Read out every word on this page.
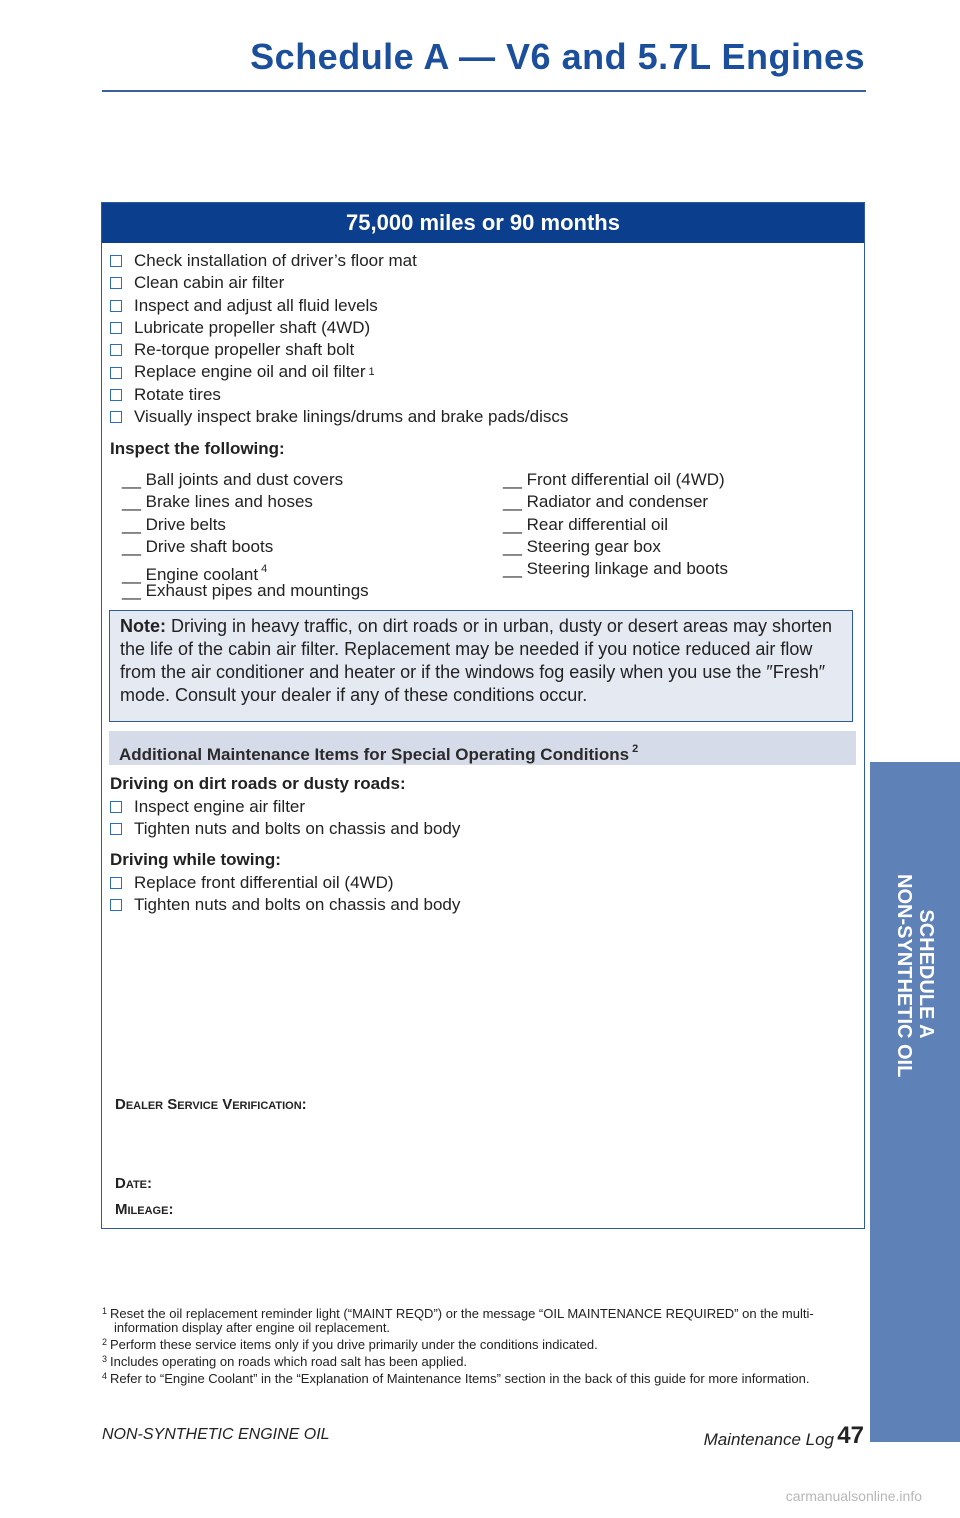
Schedule A — V6 and 5.7L Engines
75,000 miles or 90 months
Check installation of driver’s floor mat
Clean cabin air filter
Inspect and adjust all fluid levels
Lubricate propeller shaft (4WD)
Re-torque propeller shaft bolt
Replace engine oil and oil filter 1
Rotate tires
Visually inspect brake linings/drums and brake pads/discs
Inspect the following:
__ Ball joints and dust covers
__ Brake lines and hoses
__ Drive belts
__ Drive shaft boots
__ Engine coolant $^4$
__ Exhaust pipes and mountings
__ Front differential oil (4WD)
__ Radiator and condenser
__ Rear differential oil
__ Steering gear box
__ Steering linkage and boots
Note: Driving in heavy traffic, on dirt roads or in urban, dusty or desert areas may shorten the life of the cabin air filter. Replacement may be needed if you notice reduced air flow from the air conditioner and heater or if the windows fog easily when you use the ″Fresh″ mode. Consult your dealer if any of these conditions occur.
Additional Maintenance Items for Special Operating Conditions $^2$
Driving on dirt roads or dusty roads:
Inspect engine air filter
Tighten nuts and bolts on chassis and body
Driving while towing:
Replace front differential oil (4WD)
Tighten nuts and bolts on chassis and body
Dealer Service Verification:
Date:
Mileage:

$^1$ Reset the oil replacement reminder light (“MAINT REQD”) or the message “OIL MAINTENANCE REQUIRED” on the multi-information display after engine oil replacement.

$^2$ Perform these service items only if you drive primarily under the conditions indicated.

$^3$ Includes operating on roads which road salt has been applied.

$^4$ Refer to “Engine Coolant” in the “Explanation of Maintenance Items” section in the back of this guide for more information.

NON-SYNTHETIC ENGINE OIL	Maintenance Log 47
SCHEDULE A
NON-SYNTHETIC OIL
carmanualsonline.info
